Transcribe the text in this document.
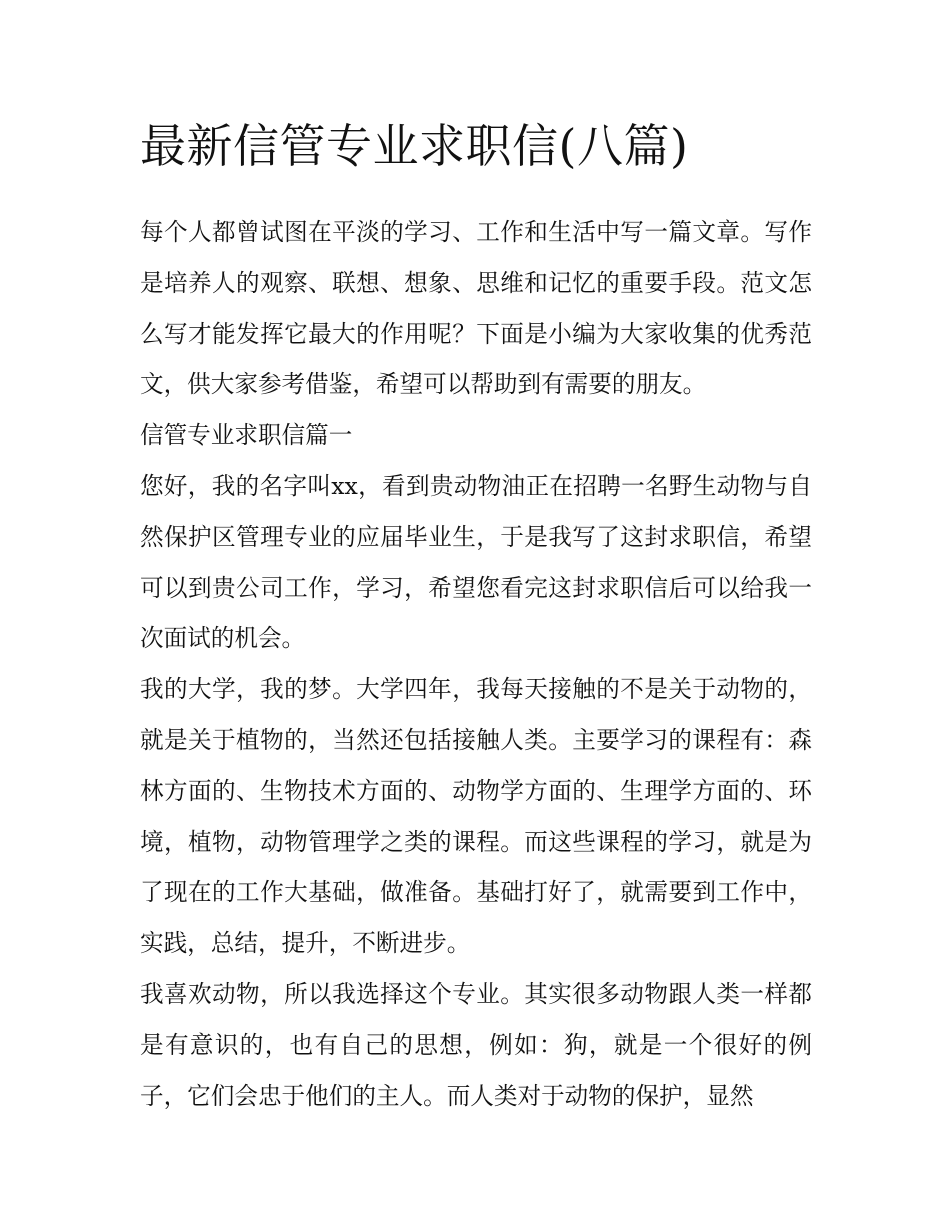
最新信管专业求职信(八篇)

每个人都曾试图在平淡的学习、工作和生活中写一篇文章。写作是培养人的观察、联想、想象、思维和记忆的重要手段。范文怎么写才能发挥它最大的作用呢？下面是小编为大家收集的优秀范文，供大家参考借鉴，希望可以帮助到有需要的朋友。

信管专业求职信篇一

您好，我的名字叫xx，看到贵动物油正在招聘一名野生动物与自然保护区管理专业的应届毕业生，于是我写了这封求职信，希望可以到贵公司工作，学习，希望您看完这封求职信后可以给我一次面试的机会。

我的大学，我的梦。大学四年，我每天接触的不是关于动物的，就是关于植物的，当然还包括接触人类。主要学习的课程有：森林方面的、生物技术方面的、动物学方面的、生理学方面的、环境，植物，动物管理学之类的课程。而这些课程的学习，就是为了现在的工作大基础，做准备。基础打好了，就需要到工作中，实践，总结，提升，不断进步。

我喜欢动物，所以我选择这个专业。其实很多动物跟人类一样都是有意识的，也有自己的思想，例如：狗，就是一个很好的例子，它们会忠于他们的主人。而人类对于动物的保护，显然
